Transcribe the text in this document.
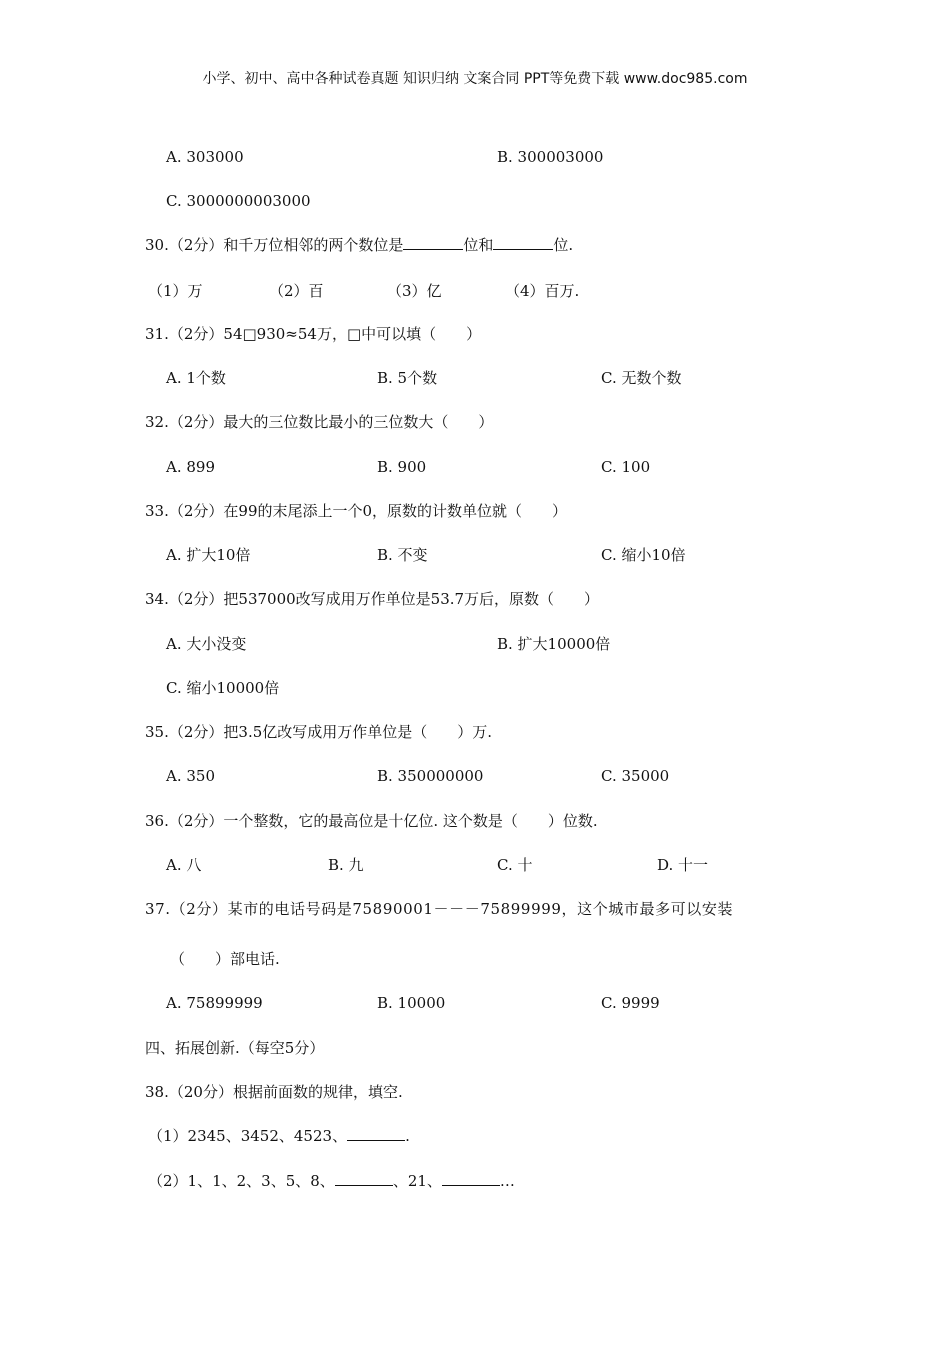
小学、初中、高中各种试卷真题 知识归纳 文案合同 PPT等免费下载 www.doc985.com
A. 303000	B. 300003000
C. 3000000003000
30.（2分）和千万位相邻的两个数位是	位和	位.
（1）万	（2）百	（3）亿	（4）百万.
31.（2分）54□930≈54万，□中可以填（　　）
A. 1个数	B. 5个数	C. 无数个数
32.（2分）最大的三位数比最小的三位数大（　　）
A. 899	B. 900	C. 100
33.（2分）在99的末尾添上一个0，原数的计数单位就（　　）
A. 扩大10倍	B. 不变	C. 缩小10倍
34.（2分）把537000改写成用万作单位是53.7万后，原数（　　）
A. 大小没变	B. 扩大10000倍
C. 缩小10000倍
35.（2分）把3.5亿改写成用万作单位是（　　）万.
A. 350	B. 350000000	C. 35000
36.（2分）一个整数，它的最高位是十亿位. 这个数是（　　）位数.
A. 八	B. 九	C. 十	D. 十一
37.（2分）某市的电话号码是75890001－－－75899999，这个城市最多可以安装
（　　）部电话.
A. 75899999	B. 10000	C. 9999
四、拓展创新.（每空5分）
38.（20分）根据前面数的规律，填空.
（1）2345、3452、4523、	.
（2）1、1、2、3、5、8、	、21、	…
